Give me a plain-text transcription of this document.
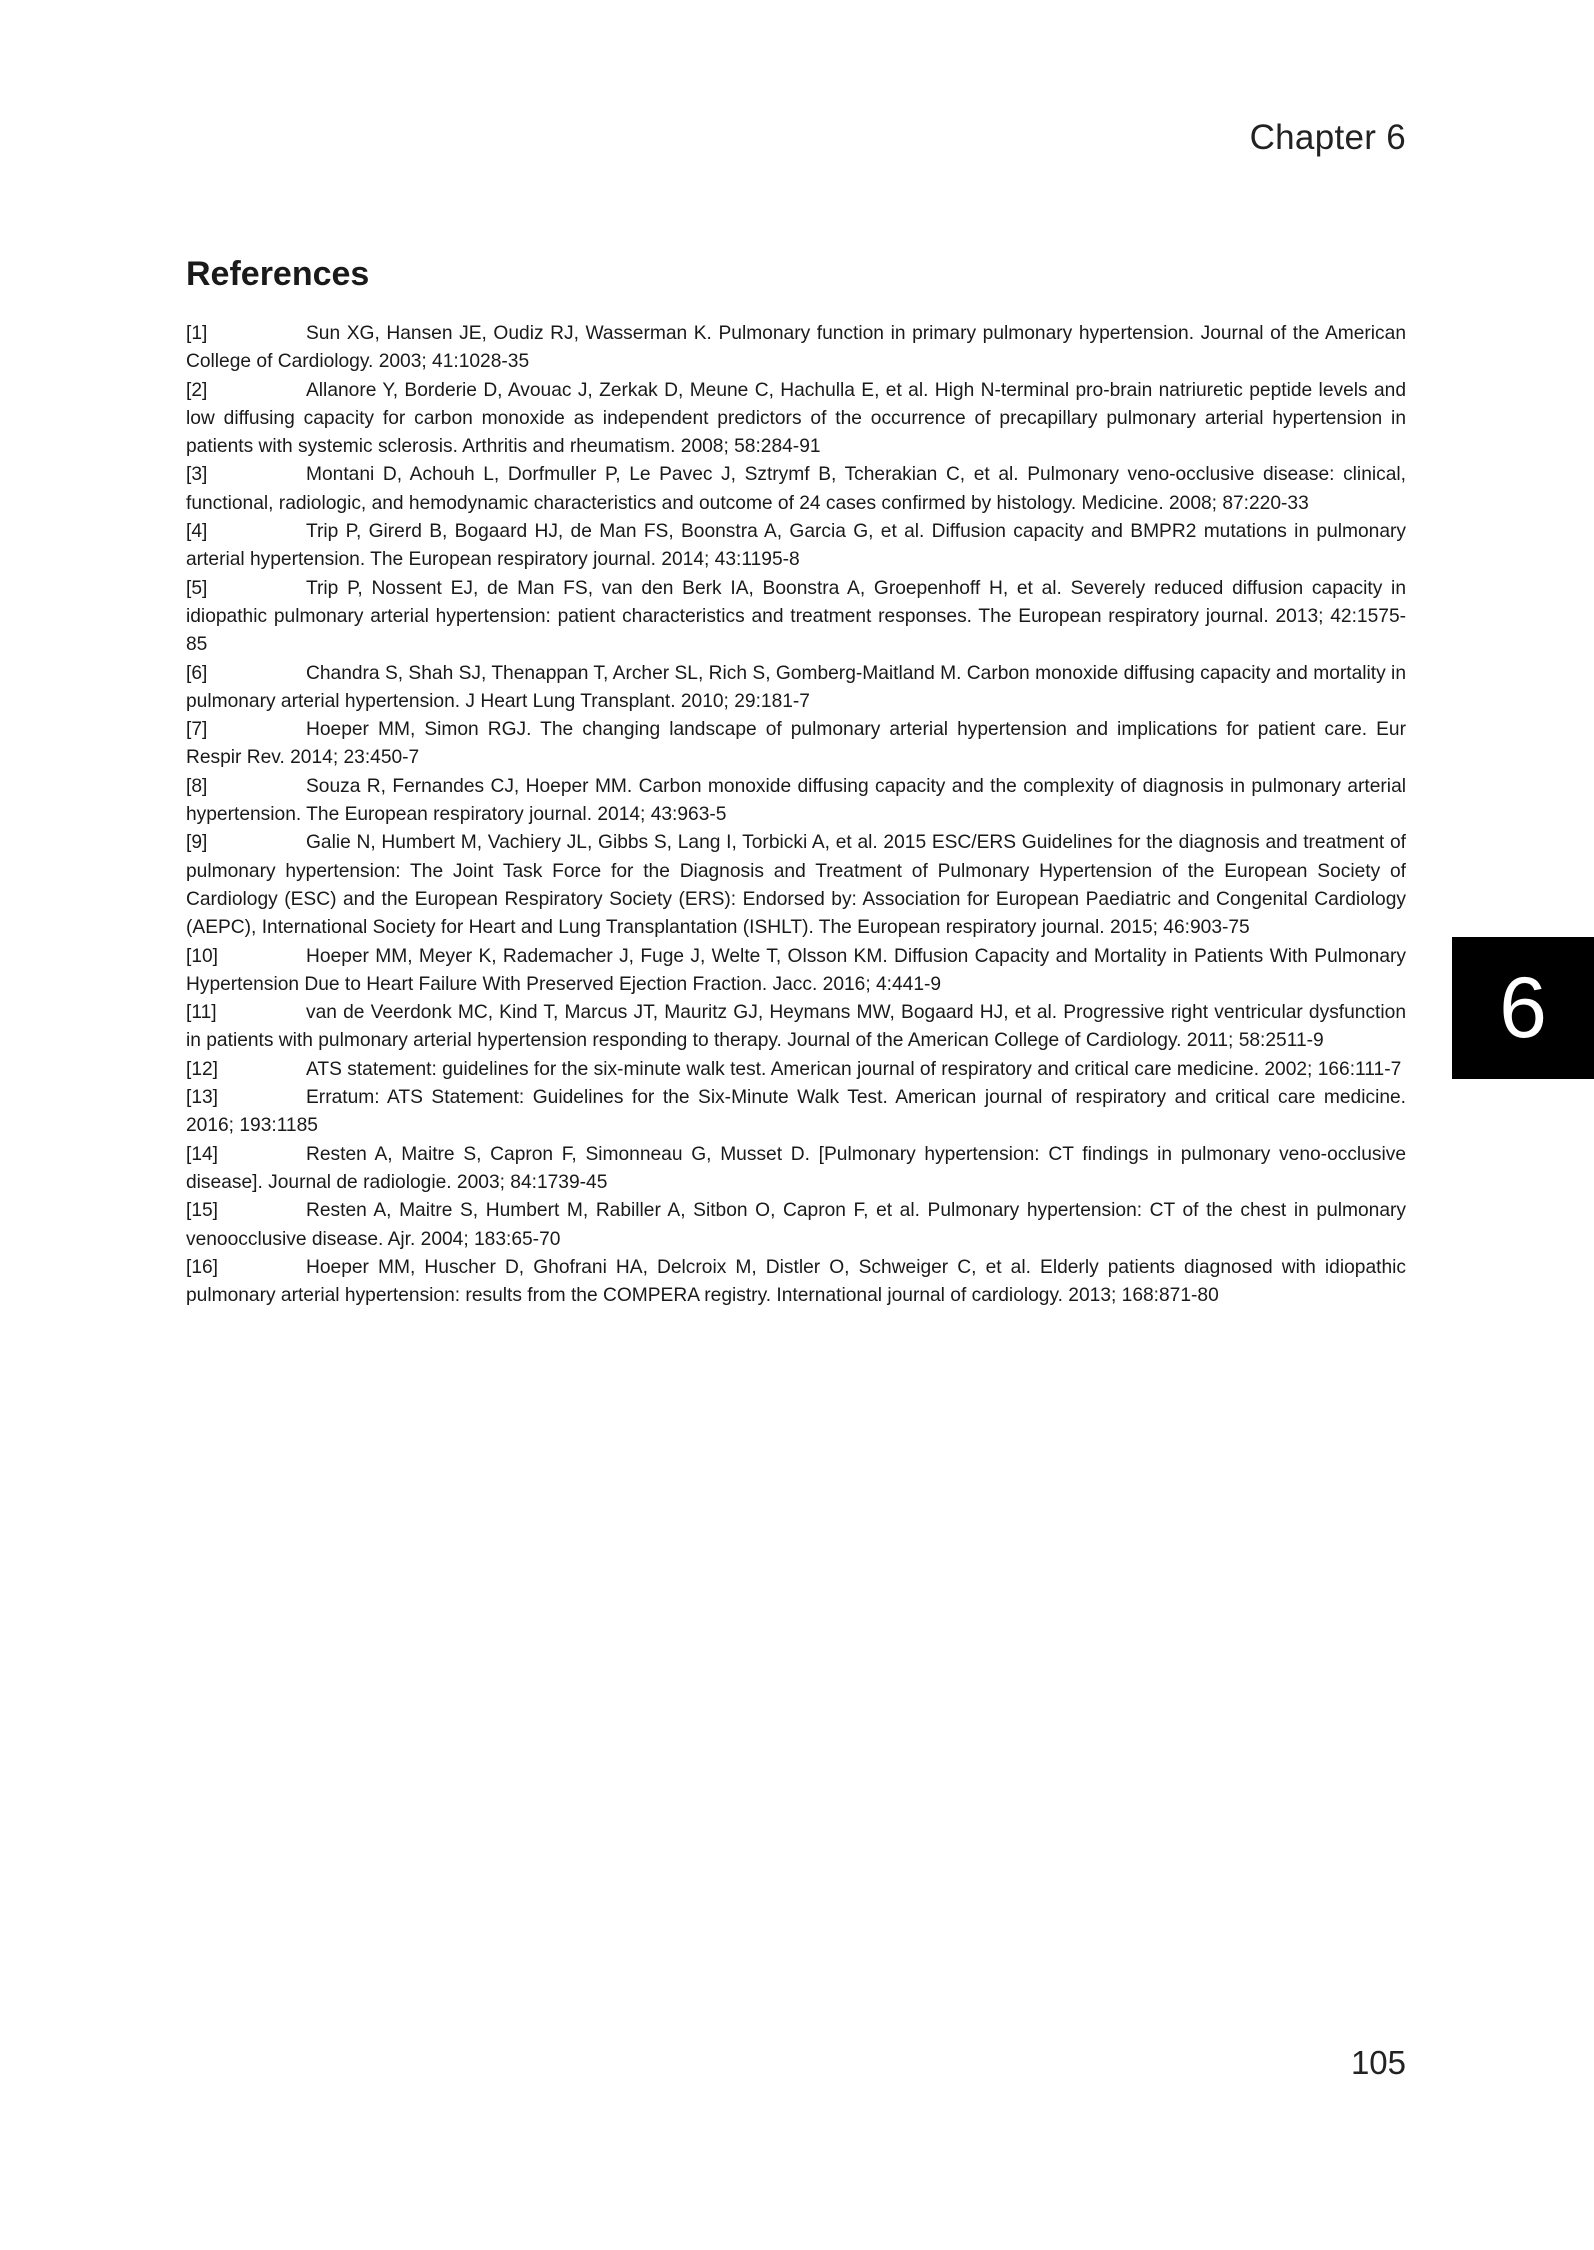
Chapter 6
References
[1]	Sun XG, Hansen JE, Oudiz RJ, Wasserman K. Pulmonary function in primary pulmonary hypertension. Journal of the American College of Cardiology. 2003; 41:1028-35
[2]	Allanore Y, Borderie D, Avouac J, Zerkak D, Meune C, Hachulla E, et al. High N-terminal pro-brain natriuretic peptide levels and low diffusing capacity for carbon monoxide as independent predictors of the occurrence of precapillary pulmonary arterial hypertension in patients with systemic sclerosis. Arthritis and rheumatism. 2008; 58:284-91
[3]	Montani D, Achouh L, Dorfmuller P, Le Pavec J, Sztrymf B, Tcherakian C, et al. Pulmonary veno-occlusive disease: clinical, functional, radiologic, and hemodynamic characteristics and outcome of 24 cases confirmed by histology. Medicine. 2008; 87:220-33
[4]	Trip P, Girerd B, Bogaard HJ, de Man FS, Boonstra A, Garcia G, et al. Diffusion capacity and BMPR2 mutations in pulmonary arterial hypertension. The European respiratory journal. 2014; 43:1195-8
[5]	Trip P, Nossent EJ, de Man FS, van den Berk IA, Boonstra A, Groepenhoff H, et al. Severely reduced diffusion capacity in idiopathic pulmonary arterial hypertension: patient characteristics and treatment responses. The European respiratory journal. 2013; 42:1575-85
[6]	Chandra S, Shah SJ, Thenappan T, Archer SL, Rich S, Gomberg-Maitland M. Carbon monoxide diffusing capacity and mortality in pulmonary arterial hypertension. J Heart Lung Transplant. 2010; 29:181-7
[7]	Hoeper MM, Simon RGJ. The changing landscape of pulmonary arterial hypertension and implications for patient care. Eur Respir Rev. 2014; 23:450-7
[8]	Souza R, Fernandes CJ, Hoeper MM. Carbon monoxide diffusing capacity and the complexity of diagnosis in pulmonary arterial hypertension. The European respiratory journal. 2014; 43:963-5
[9]	Galie N, Humbert M, Vachiery JL, Gibbs S, Lang I, Torbicki A, et al. 2015 ESC/ERS Guidelines for the diagnosis and treatment of pulmonary hypertension: The Joint Task Force for the Diagnosis and Treatment of Pulmonary Hypertension of the European Society of Cardiology (ESC) and the European Respiratory Society (ERS): Endorsed by: Association for European Paediatric and Congenital Cardiology (AEPC), International Society for Heart and Lung Transplantation (ISHLT). The European respiratory journal. 2015; 46:903-75
[10]	Hoeper MM, Meyer K, Rademacher J, Fuge J, Welte T, Olsson KM. Diffusion Capacity and Mortality in Patients With Pulmonary Hypertension Due to Heart Failure With Preserved Ejection Fraction. Jacc. 2016; 4:441-9
[11]	van de Veerdonk MC, Kind T, Marcus JT, Mauritz GJ, Heymans MW, Bogaard HJ, et al. Progressive right ventricular dysfunction in patients with pulmonary arterial hypertension responding to therapy. Journal of the American College of Cardiology. 2011; 58:2511-9
[12]	ATS statement: guidelines for the six-minute walk test. American journal of respiratory and critical care medicine. 2002; 166:111-7
[13]	Erratum: ATS Statement: Guidelines for the Six-Minute Walk Test. American journal of respiratory and critical care medicine. 2016; 193:1185
[14]	Resten A, Maitre S, Capron F, Simonneau G, Musset D. [Pulmonary hypertension: CT findings in pulmonary veno-occlusive disease]. Journal de radiologie. 2003; 84:1739-45
[15]	Resten A, Maitre S, Humbert M, Rabiller A, Sitbon O, Capron F, et al. Pulmonary hypertension: CT of the chest in pulmonary venoocclusive disease. Ajr. 2004; 183:65-70
[16]	Hoeper MM, Huscher D, Ghofrani HA, Delcroix M, Distler O, Schweiger C, et al. Elderly patients diagnosed with idiopathic pulmonary arterial hypertension: results from the COMPERA registry. International journal of cardiology. 2013; 168:871-80
6
105
